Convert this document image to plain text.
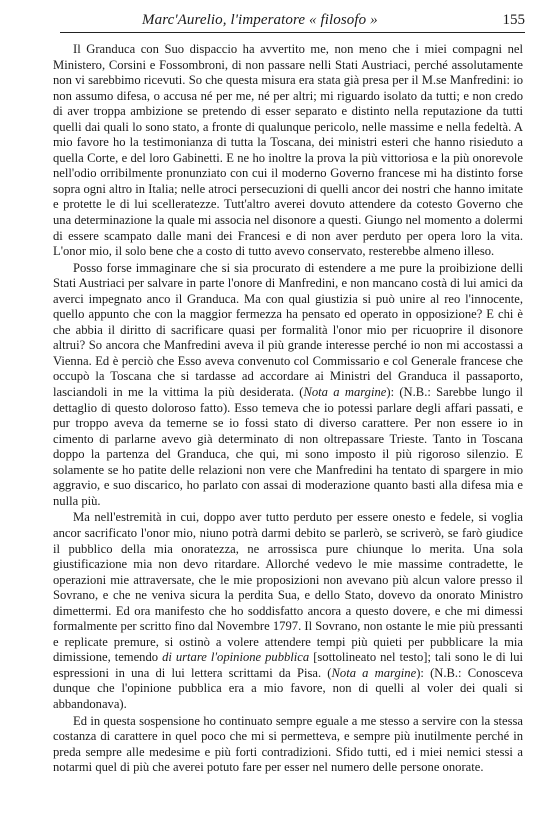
Marc'Aurelio, l'imperatore « filosofo »	155

Il Granduca con Suo dispaccio ha avvertito me, non meno che i miei compagni nel Ministero, Corsini e Fossombroni, di non passare nelli Stati Austriaci, perché assolutamente non vi sarebbimo ricevuti. So che questa misura era stata già presa per il M.se Manfredini: io non assumo difesa, o accusa né per me, né per altri; mi riguardo isolato da tutti; e non credo di aver troppa ambizione se pretendo di esser separato e distinto nella reputazione da tutti quelli dai quali lo sono stato, a fronte di qualunque pericolo, nelle massime e nella fedeltà. A mio favore ho la testimonianza di tutta la Toscana, dei ministri esteri che hanno risieduto a quella Corte, e del loro Gabinetti. E ne ho inoltre la prova la più vittoriosa e la più onorevole nell'odio orribilmente pronunziato con cui il moderno Governo francese mi ha distinto forse sopra ogni altro in Italia; nelle atroci persecuzioni di quelli ancor dei nostri che hanno imitate e protette le di lui scelleratezze. Tutt'altro averei dovuto attendere da cotesto Governo che una determinazione la quale mi associa nel disonore a questi. Giungo nel momento a dolermi di essere scampato dalle mani dei Francesi e di non aver perduto per opera loro la vita. L'onor mio, il solo bene che a costo di tutto avevo conservato, resterebbe almeno illeso.

Posso forse immaginare che si sia procurato di estendere a me pure la proibizione delli Stati Austriaci per salvare in parte l'onore di Manfredini, e non mancano costà di lui amici da averci impegnato anco il Granduca. Ma con qual giustizia si può unire al reo l'innocente, quello appunto che con la maggior fermezza ha pensato ed operato in opposizione? E chi è che abbia il diritto di sacrificare quasi per formalità l'onor mio per ricuoprire il disonore altrui? So ancora che Manfredini aveva il più grande interesse perché io non mi accostassi a Vienna. Ed è perciò che Esso aveva convenuto col Commissario e col Generale francese che occupò la Toscana che si tardasse ad accordare ai Ministri del Granduca il passaporto, lasciandoli in me la vittima la più desiderata. (Nota a margine): (N.B.: Sarebbe lungo il dettaglio di questo doloroso fatto). Esso temeva che io potessi parlare degli affari passati, e pur troppo aveva da temerne se io fossi stato di diverso carattere. Per non essere io in cimento di parlarne avevo già determinato di non oltrepassare Trieste. Tanto in Toscana doppo la partenza del Granduca, che qui, mi sono imposto il più rigoroso silenzio. E solamente se ho patite delle relazioni non vere che Manfredini ha tentato di spargere in mio aggravio, e suo discarico, ho parlato con assai di moderazione quanto basti alla difesa mia e nulla più.

Ma nell'estremità in cui, doppo aver tutto perduto per essere onesto e fedele, si voglia ancor sacrificato l'onor mio, niuno potrà darmi debito se parlerò, se scriverò, se farò giudice il pubblico della mia onoratezza, ne arrossisca pure chiunque lo merita. Una sola giustificazione mia non devo ritardare. Allorché vedevo le mie massime contradette, le operazioni mie attraversate, che le mie proposizioni non avevano più alcun valore presso il Sovrano, e che ne veniva sicura la perdita Sua, e dello Stato, dovevo da onorato Ministro dimettermi. Ed ora manifesto che ho soddisfatto ancora a questo dovere, e che mi dimessi formalmente per scritto fino dal Novembre 1797. Il Sovrano, non ostante le mie più pressanti e replicate premure, si ostinò a volere attendere tempi più quieti per pubblicare la mia dimissione, temendo di urtare l'opinione pubblica [sottolineato nel testo]; tali sono le di lui espressioni in una di lui lettera scrittami da Pisa. (Nota a margine): (N.B.: Conosceva dunque che l'opinione pubblica era a mio favore, non di quelli al voler dei quali si abbandonava).

Ed in questa sospensione ho continuato sempre eguale a me stesso a servire con la stessa costanza di carattere in quel poco che mi si permetteva, e sempre più inutilmente perché in preda sempre alle medesime e più forti contradizioni. Sfido tutti, ed i miei nemici stessi a notarmi quel di più che averei potuto fare per esser nel numero delle persone onorate.
